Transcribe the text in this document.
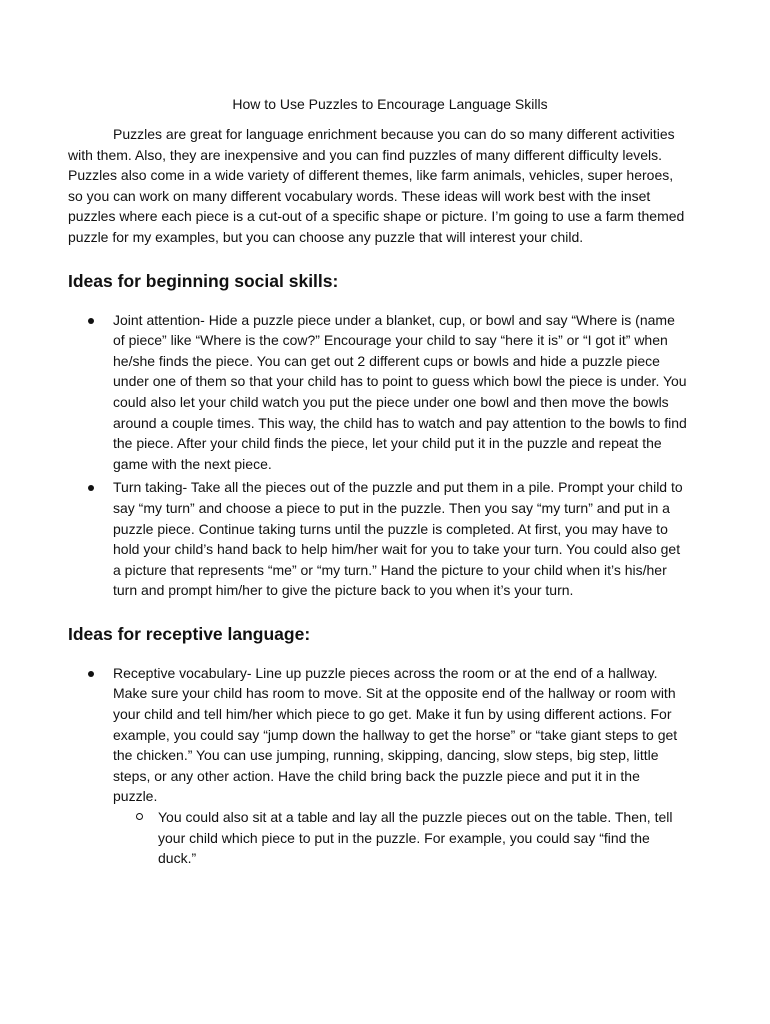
How to Use Puzzles to Encourage Language Skills

Puzzles are great for language enrichment because you can do so many different activities with them. Also, they are inexpensive and you can find puzzles of many different difficulty levels. Puzzles also come in a wide variety of different themes, like farm animals, vehicles, super heroes, so you can work on many different vocabulary words. These ideas will work best with the inset puzzles where each piece is a cut-out of a specific shape or picture. I’m going to use a farm themed puzzle for my examples, but you can choose any puzzle that will interest your child.

Ideas for beginning social skills:
Joint attention- Hide a puzzle piece under a blanket, cup, or bowl and say “Where is (name of piece” like “Where is the cow?” Encourage your child to say “here it is” or “I got it” when he/she finds the piece. You can get out 2 different cups or bowls and hide a puzzle piece under one of them so that your child has to point to guess which bowl the piece is under. You could also let your child watch you put the piece under one bowl and then move the bowls around a couple times. This way, the child has to watch and pay attention to the bowls to find the piece. After your child finds the piece, let your child put it in the puzzle and repeat the game with the next piece.
Turn taking- Take all the pieces out of the puzzle and put them in a pile. Prompt your child to say “my turn” and choose a piece to put in the puzzle. Then you say “my turn” and put in a puzzle piece. Continue taking turns until the puzzle is completed. At first, you may have to hold your child’s hand back to help him/her wait for you to take your turn. You could also get a picture that represents “me” or “my turn.” Hand the picture to your child when it’s his/her turn and prompt him/her to give the picture back to you when it’s your turn.
Ideas for receptive language:
Receptive vocabulary- Line up puzzle pieces across the room or at the end of a hallway. Make sure your child has room to move. Sit at the opposite end of the hallway or room with your child and tell him/her which piece to go get. Make it fun by using different actions. For example, you could say “jump down the hallway to get the horse” or “take giant steps to get the chicken.” You can use jumping, running, skipping, dancing, slow steps, big step, little steps, or any other action. Have the child bring back the puzzle piece and put it in the puzzle.
You could also sit at a table and lay all the puzzle pieces out on the table. Then, tell your child which piece to put in the puzzle. For example, you could say “find the duck.”
